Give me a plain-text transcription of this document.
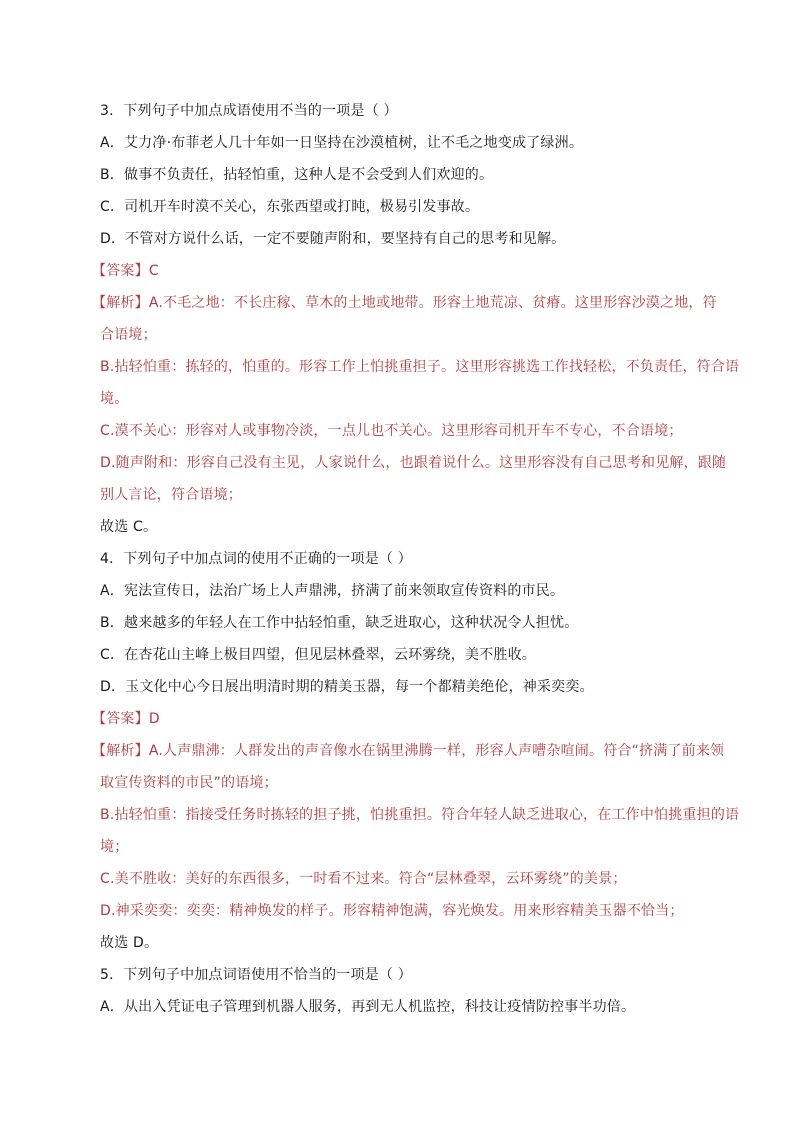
3．下列句子中加点成语使用不当的一项是（ ）
A．艾力净·布菲老人几十年如一日坚持在沙漠植树，让不毛之地变成了绿洲。
B．做事不负责任，拈轻怕重，这种人是不会受到人们欢迎的。
C．司机开车时漠不关心，东张西望或打盹，极易引发事故。
D．不管对方说什么话，一定不要随声附和，要坚持有自己的思考和见解。
【答案】C
【解析】A.不毛之地：不长庄稼、草木的土地或地带。形容土地荒凉、贫瘠。这里形容沙漠之地，符
合语境；
B.拈轻怕重：拣轻的，怕重的。形容工作上怕挑重担子。这里形容挑选工作找轻松，不负责任，符合语
境。
C.漠不关心：形容对人或事物冷淡，一点儿也不关心。这里形容司机开车不专心，不合语境；
D.随声附和：形容自己没有主见，人家说什么，也跟着说什么。这里形容没有自己思考和见解，跟随
别人言论，符合语境；
故选 C。
4．下列句子中加点词的使用不正确的一项是（ ）
A．宪法宣传日，法治广场上人声鼎沸，挤满了前来领取宣传资料的市民。
B．越来越多的年轻人在工作中拈轻怕重，缺乏进取心，这种状况令人担忧。
C．在杏花山主峰上极目四望，但见层林叠翠，云环雾绕，美不胜收。
D．玉文化中心今日展出明清时期的精美玉器，每一个都精美绝伦，神采奕奕。
【答案】D
【解析】A.人声鼎沸：人群发出的声音像水在锅里沸腾一样，形容人声嘈杂喧闹。符合“挤满了前来领
取宣传资料的市民”的语境；
B.拈轻怕重：指接受任务时拣轻的担子挑，怕挑重担。符合年轻人缺乏进取心，在工作中怕挑重担的语
境；
C.美不胜收：美好的东西很多，一时看不过来。符合“层林叠翠，云环雾绕”的美景；
D.神采奕奕：奕奕：精神焕发的样子。形容精神饱满，容光焕发。用来形容精美玉器不恰当；
故选 D。
5．下列句子中加点词语使用不恰当的一项是（ ）
A．从出入凭证电子管理到机器人服务，再到无人机监控，科技让疫情防控事半功倍。
